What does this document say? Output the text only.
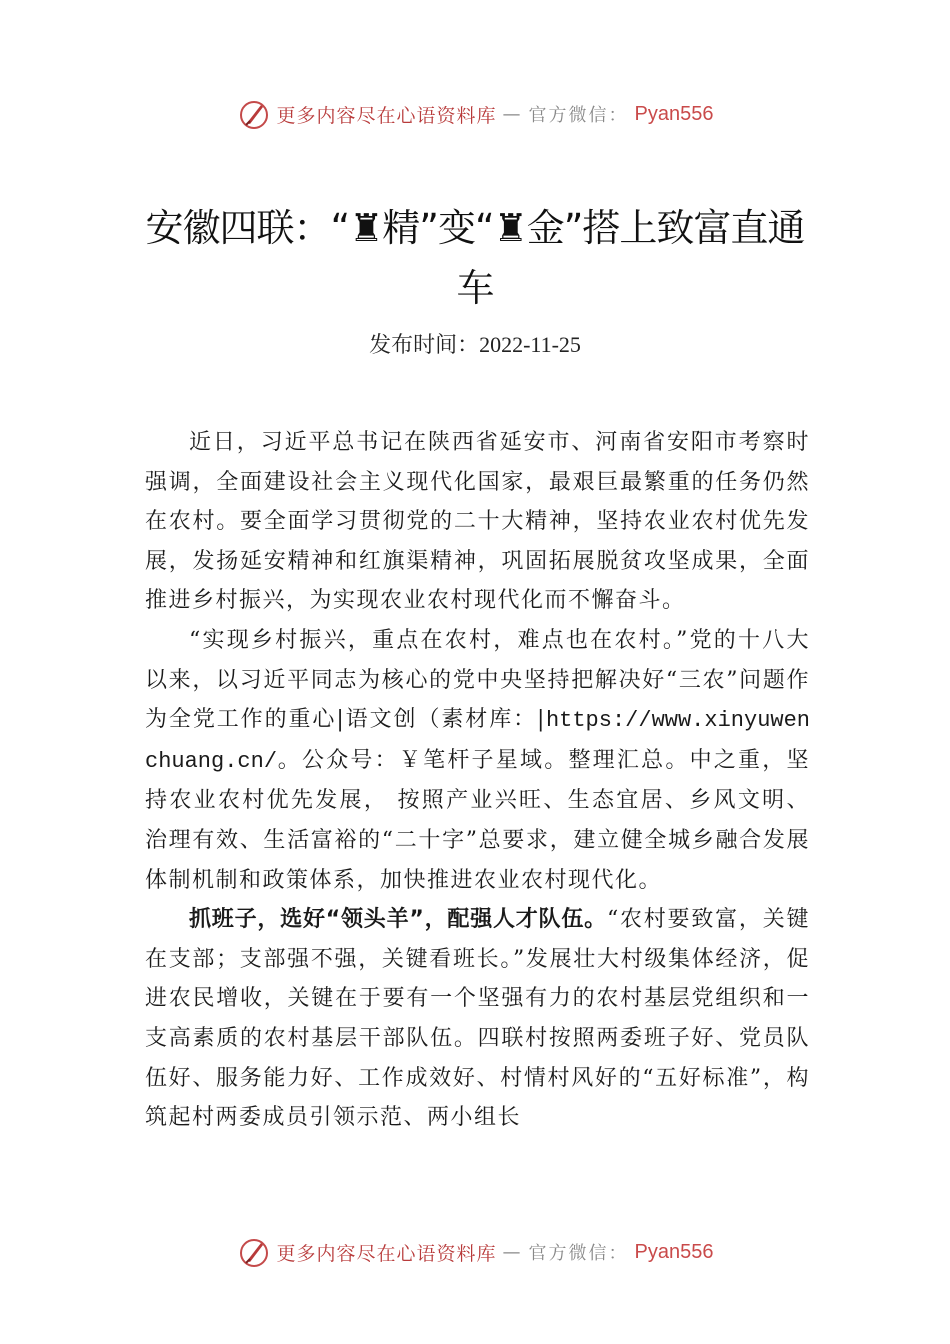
更多内容尽在心语资料库 — 官方微信： Pyan556
安徽四联：“♜精”变“♜金”搭上致富直通车
发布时间：2022-11-25

近日，习近平总书记在陕西省延安市、河南省安阳市考察时强调，全面建设社会主义现代化国家，最艰巨最繁重的任务仍然在农村。要全面学习贯彻党的二十大精神，坚持农业农村优先发展，发扬延安精神和红旗渠精神，巩固拓展脱贫攻坚成果，全面推进乡村振兴，为实现农业农村现代化而不懈奋斗。

“实现乡村振兴，重点在农村，难点也在农村。”党的十八大以来，以习近平同志为核心的党中央坚持把解决好“三农”问题作为全党工作的重心|语文创（素材库：|https://www.xinyuwenchuang.cn/。公众号：￥笔杆子星域。整理汇总。中之重，坚持农业农村优先发展， 按照产业兴旺、生态宜居、乡风文明、治理有效、生活富裕的“二十字”总要求，建立健全城乡融合发展体制机制和政策体系，加快推进农业农村现代化。

抓班子，选好“领头羊”，配强人才队伍。“农村要致富，关键在支部；支部强不强，关键看班长。”发展壮大村级集体经济，促进农民增收，关键在于要有一个坚强有力的农村基层党组织和一支高素质的农村基层干部队伍。四联村按照两委班子好、党员队伍好、服务能力好、工作成效好、村情村风好的“五好标准”，构筑起村两委成员引领示范、两小组长

更多内容尽在心语资料库 — 官方微信： Pyan556
